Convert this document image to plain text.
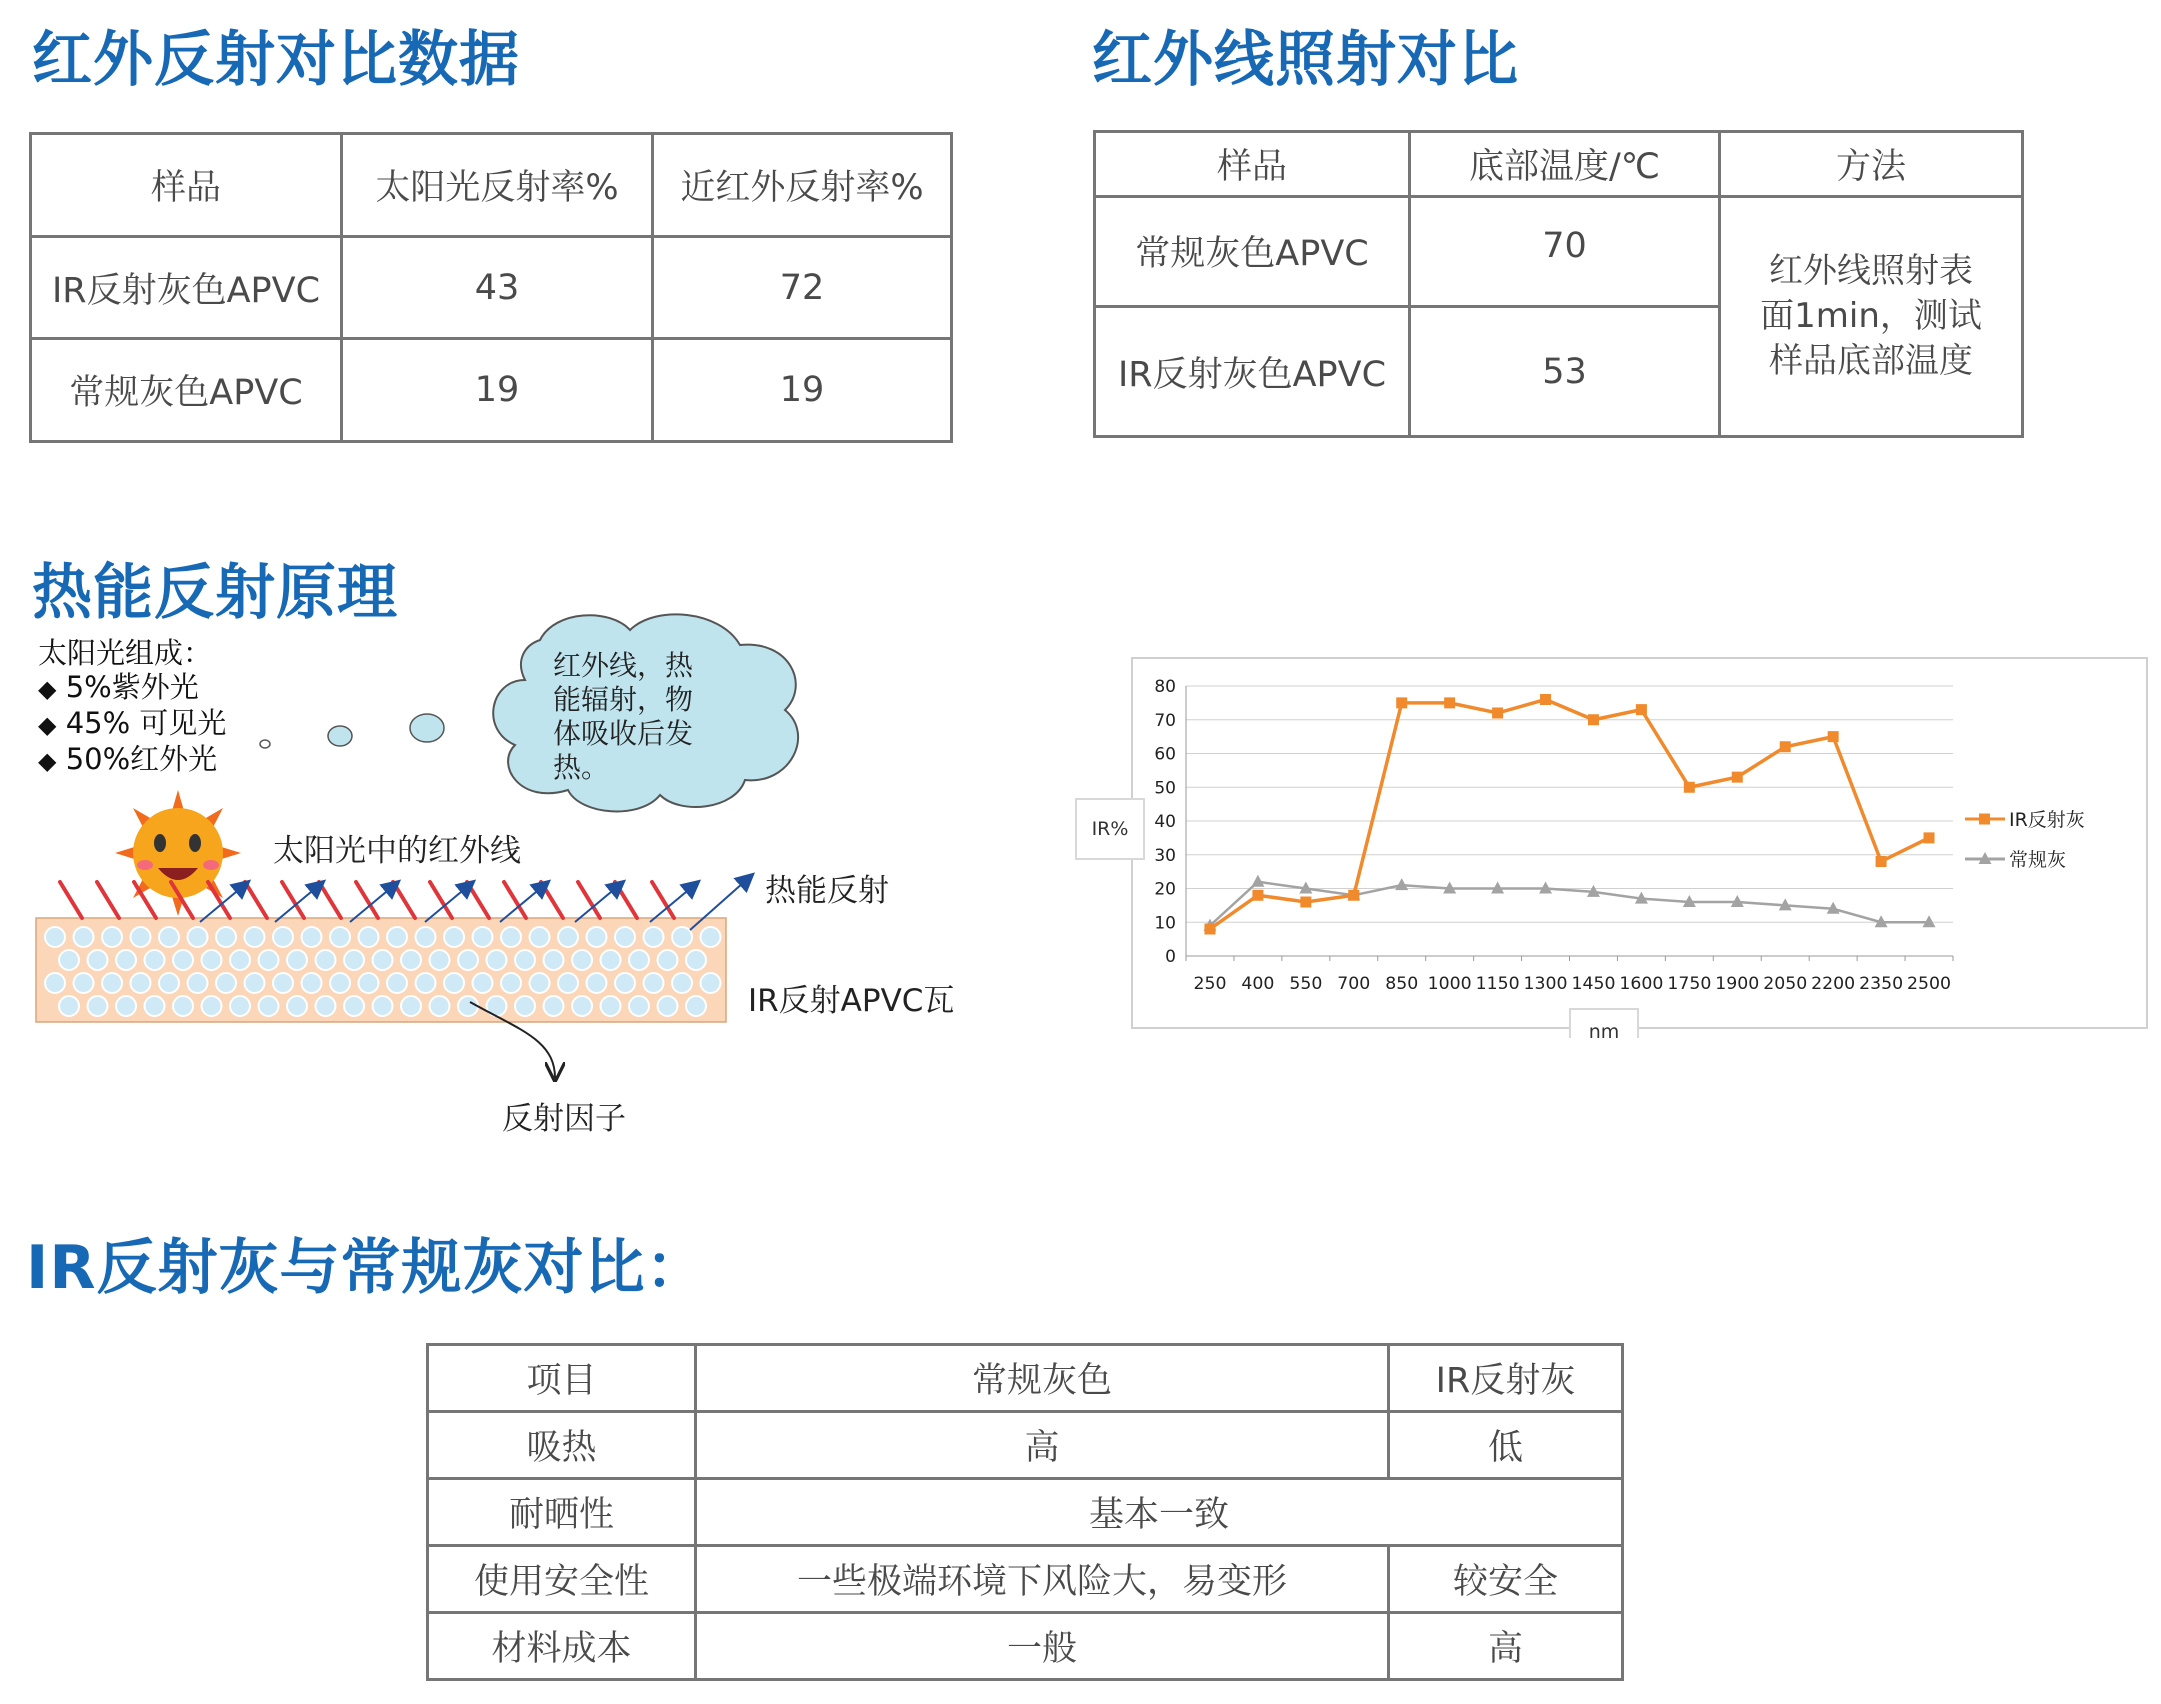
红外反射对比数据	红外线照射对比
热能反射原理
IR反射灰与常规灰对比：
样品	太阳光反射率%	近红外反射率%
IR反射灰色APVC	43	72
常规灰色APVC	19	19
样品	底部温度/℃	方法
常规灰色APVC	70	红外线照射表
面1min，测试
样品底部温度

IR反射灰色APVC	53	
太阳光组成：
◆ 5%紫外光
◆ 45% 可见光
◆ 50%红外光
红外线，热
能辐射，物
体吸收后发
热。
太阳光中的红外线
热能反射
IR反射APVC瓦
反射因子
0
10
20
30
40
50
60
70
80
250 400 550 700 850 1000 1150 1300 1450 1600 1750 1900 2050 2200 2350 2500
IR反射灰
常规灰
IR%
nm
项目	常规灰色	IR反射灰
吸热	高	低
耐晒性	基本一致	
使用安全性	一些极端环境下风险大，易变形	较安全
材料成本	一般	高
